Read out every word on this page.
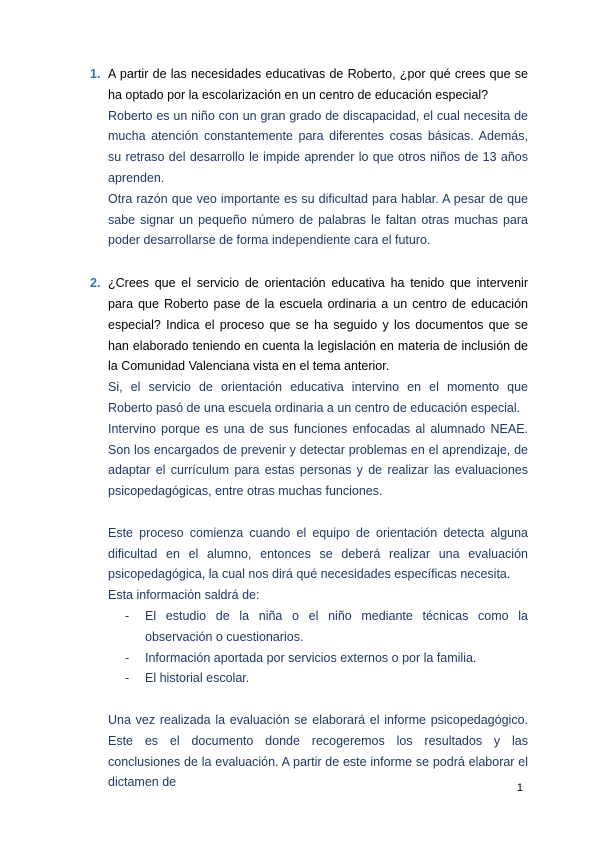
1. A partir de las necesidades educativas de Roberto, ¿por qué crees que se ha optado por la escolarización en un centro de educación especial?

Roberto es un niño con un gran grado de discapacidad, el cual necesita de mucha atención constantemente para diferentes cosas básicas. Además, su retraso del desarrollo le impide aprender lo que otros niños de 13 años aprenden.

Otra razón que veo importante es su dificultad para hablar. A pesar de que sabe signar un pequeño número de palabras le faltan otras muchas para poder desarrollarse de forma independiente cara el futuro.

2. ¿Crees que el servicio de orientación educativa ha tenido que intervenir para que Roberto pase de la escuela ordinaria a un centro de educación especial? Indica el proceso que se ha seguido y los documentos que se han elaborado teniendo en cuenta la legislación en materia de inclusión de la Comunidad Valenciana vista en el tema anterior.

Si, el servicio de orientación educativa intervino en el momento que Roberto pasó de una escuela ordinaria a un centro de educación especial.

Intervino porque es una de sus funciones enfocadas al alumnado NEAE. Son los encargados de prevenir y detectar problemas en el aprendizaje, de adaptar el currículum para estas personas y de realizar las evaluaciones psicopedagógicas, entre otras muchas funciones.

Este proceso comienza cuando el equipo de orientación detecta alguna dificultad en el alumno, entonces se deberá realizar una evaluación psicopedagógica, la cual nos dirá qué necesidades específicas necesita.

Esta información saldrá de:

- El estudio de la niña o el niño mediante técnicas como la observación o cuestionarios.

- Información aportada por servicios externos o por la familia.

- El historial escolar.

Una vez realizada la evaluación se elaborará el informe psicopedagógico. Este es el documento donde recogeremos los resultados y las conclusiones de la evaluación. A partir de este informe se podrá elaborar el dictamen de	1
